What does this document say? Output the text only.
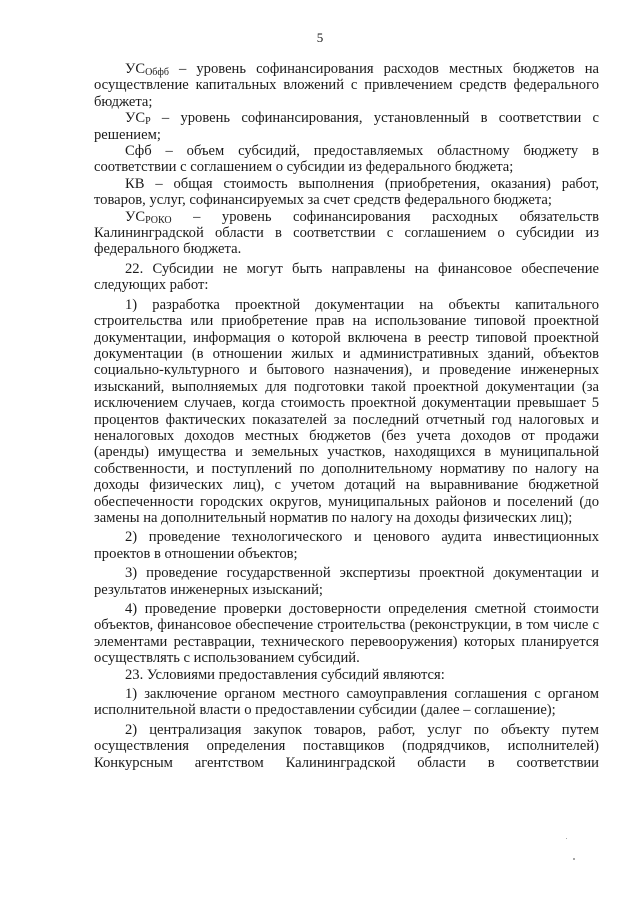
5

$УС_{Обфб}$ – уровень софинансирования расходов местных бюджетов на осуществление капитальных вложений с привлечением средств федерального бюджета;

$УС_Р$ – уровень софинансирования, установленный в соответствии с решением;

Сфб – объем субсидий, предоставляемых областному бюджету в соответствии с соглашением о субсидии из федерального бюджета;

КВ – общая стоимость выполнения (приобретения, оказания) работ, товаров, услуг, софинансируемых за счет средств федерального бюджета;

$УС_{РОКО}$ – уровень софинансирования расходных обязательств Калининградской области в соответствии с соглашением о субсидии из федерального бюджета.

22. Субсидии не могут быть направлены на финансовое обеспечение следующих работ:

1) разработка проектной документации на объекты капитального строительства или приобретение прав на использование типовой проектной документации, информация о которой включена в реестр типовой проектной документации (в отношении жилых и административных зданий, объектов социально-культурного и бытового назначения), и проведение инженерных изысканий, выполняемых для подготовки такой проектной документации (за исключением случаев, когда стоимость проектной документации превышает 5 процентов фактических показателей за последний отчетный год налоговых и неналоговых доходов местных бюджетов (без учета доходов от продажи (аренды) имущества и земельных участков, находящихся в муниципальной собственности, и поступлений по дополнительному нормативу по налогу на доходы физических лиц), с учетом дотаций на выравнивание бюджетной обеспеченности городских округов, муниципальных районов и поселений (до замены на дополнительный норматив по налогу на доходы физических лиц);

2) проведение технологического и ценового аудита инвестиционных проектов в отношении объектов;

3) проведение государственной экспертизы проектной документации и результатов инженерных изысканий;

4) проведение проверки достоверности определения сметной стоимости объектов, финансовое обеспечение строительства (реконструкции, в том числе с элементами реставрации, технического перевооружения) которых планируется осуществлять с использованием субсидий.

23. Условиями предоставления субсидий являются:

1) заключение органом местного самоуправления соглашения с органом исполнительной власти о предоставлении субсидии (далее – соглашение);

2) централизация закупок товаров, работ, услуг по объекту путем осуществления определения поставщиков (подрядчиков, исполнителей) Конкурсным агентством Калининградской области в соответствии
